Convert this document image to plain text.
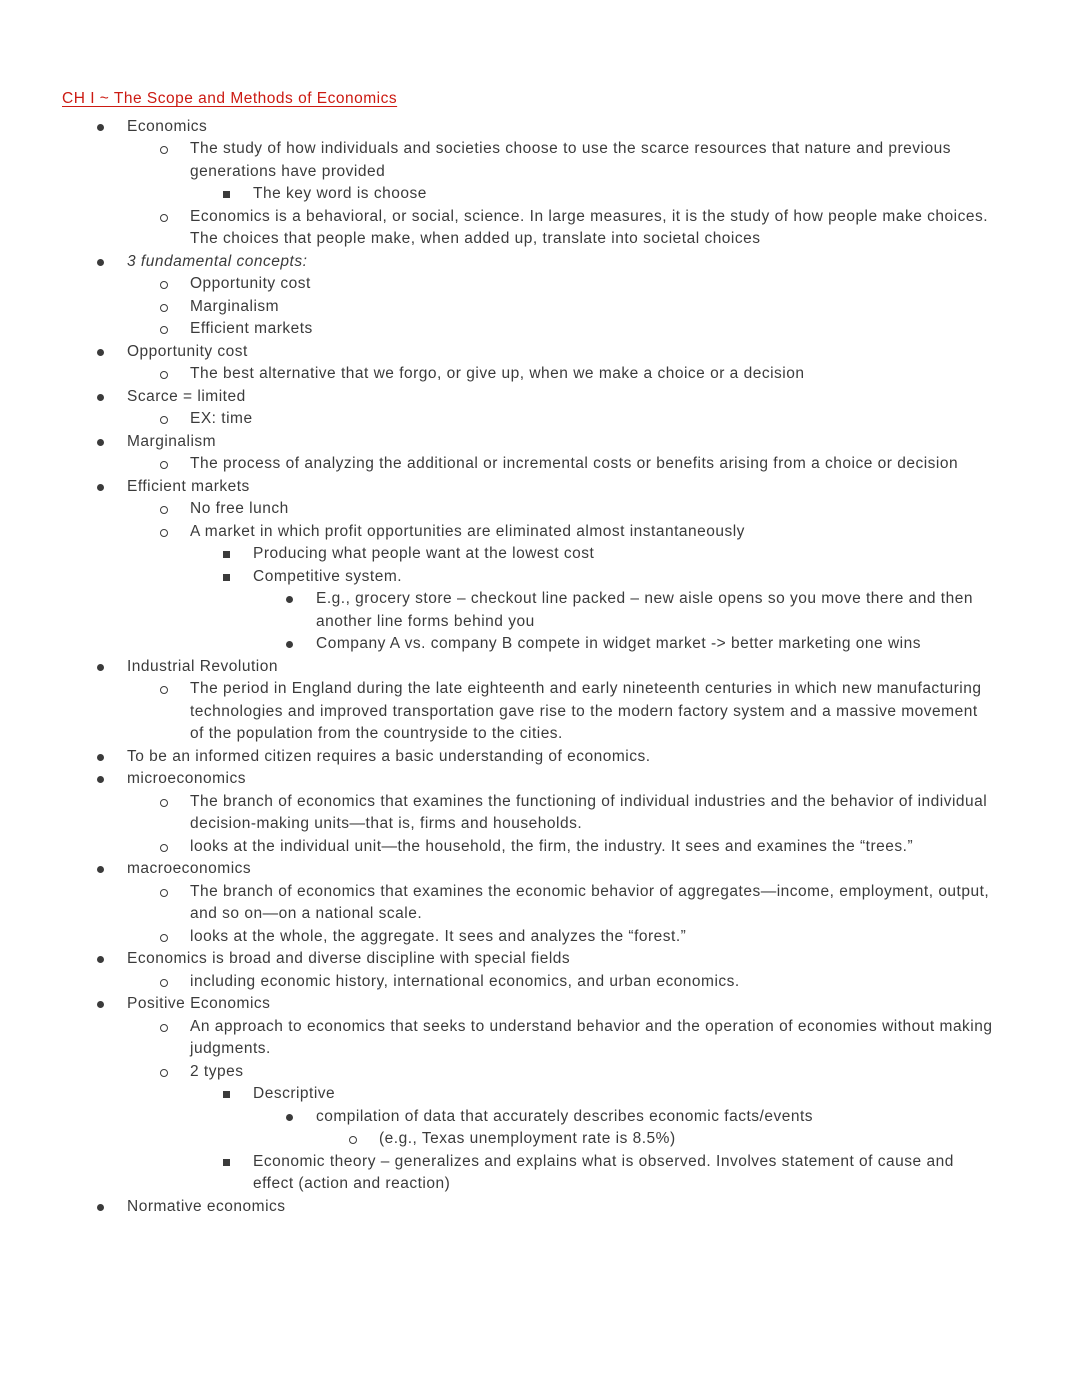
CH I ~ The Scope and Methods of Economics
Economics
The study of how individuals and societies choose to use the scarce resources that nature and previous generations have provided
The key word is choose
Economics is a behavioral, or social, science. In large measures, it is the study of how people make choices. The choices that people make, when added up, translate into societal choices
3 fundamental concepts:
Opportunity cost
Marginalism
Efficient markets
Opportunity cost
The best alternative that we forgo, or give up, when we make a choice or a decision
Scarce = limited
EX: time
Marginalism
The process of analyzing the additional or incremental costs or benefits arising from a choice or decision
Efficient markets
No free lunch
A market in which profit opportunities are eliminated almost instantaneously
Producing what people want at the lowest cost
Competitive system.
E.g., grocery store – checkout line packed – new aisle opens so you move there and then another line forms behind you
Company A vs. company B compete in widget market -> better marketing one wins
Industrial Revolution
The period in England during the late eighteenth and early nineteenth centuries in which new manufacturing technologies and improved transportation gave rise to the modern factory system and a massive movement of the population from the countryside to the cities.
To be an informed citizen requires a basic understanding of economics.
microeconomics
The branch of economics that examines the functioning of individual industries and the behavior of individual decision-making units—that is, firms and households.
looks at the individual unit—the household, the firm, the industry. It sees and examines the “trees.”
macroeconomics
The branch of economics that examines the economic behavior of aggregates—income, employment, output, and so on—on a national scale.
looks at the whole, the aggregate. It sees and analyzes the “forest.”
Economics is broad and diverse discipline with special fields
including economic history, international economics, and urban economics.
Positive Economics
An approach to economics that seeks to understand behavior and the operation of economies without making judgments.
2 types
Descriptive
compilation of data that accurately describes economic facts/events
(e.g., Texas unemployment rate is 8.5%)
Economic theory – generalizes and explains what is observed. Involves statement of cause and effect (action and reaction)
Normative economics
